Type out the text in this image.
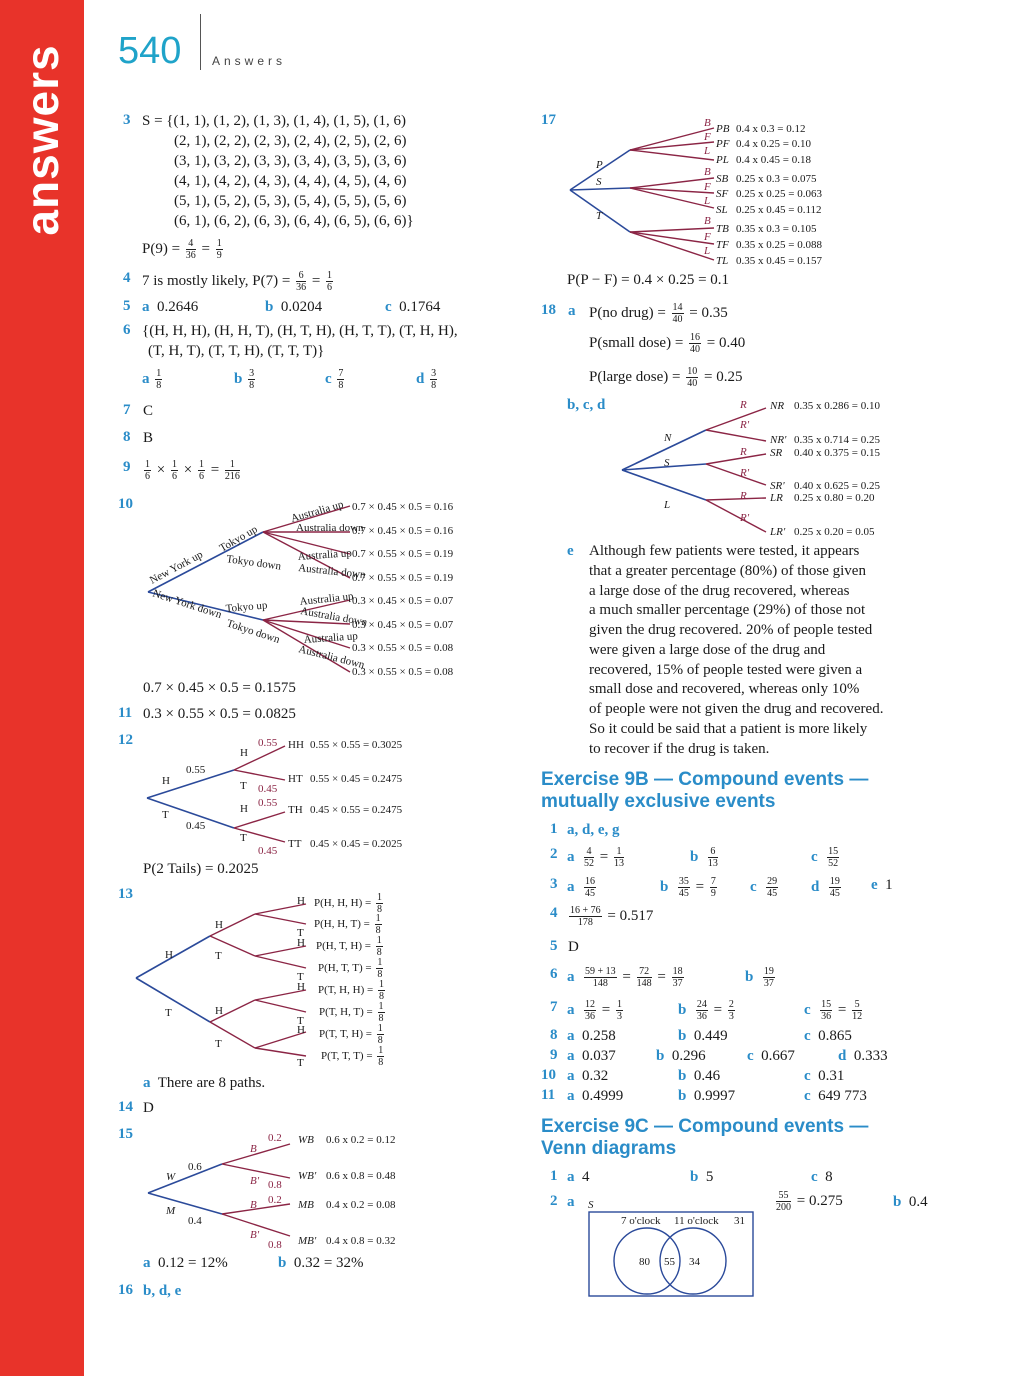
answers 540	Answers
3 S = {(1, 1), (1, 2), (1, 3), (1, 4), (1, 5), (1, 6)
(2, 1), (2, 2), (2, 3), (2, 4), (2, 5), (2, 6)
(3, 1), (3, 2), (3, 3), (3, 4), (3, 5), (3, 6)
(4, 1), (4, 2), (4, 3), (4, 4), (4, 5), (4, 6)
(5, 1), (5, 2), (5, 3), (5, 4), (5, 5), (5, 6)
(6, 1), (6, 2), (6, 3), (6, 4), (6, 5), (6, 6)}
$P(9) = \frac{4}{36} = \frac{1}{9}$
4 7 is mostly likely, $P(7) = \frac{6}{36} = \frac{1}{6}$
5 a 0.2646	b 0.0204	c 0.1764
6 {(H, H, H), (H, H, T), (H, T, H), (H, T, T), (T, H, H),
(T, H, T), (T, T, H), (T, T, T)}
a $\frac{1}{8}$	b $\frac{3}{8}$	c $\frac{7}{8}$	d $\frac{3}{8}$
7 C
8 B
$9 \frac{1}{6} \times \frac{1}{6} \times \frac{1}{6} = \frac{1}{216}$
10
New York up
New York down
Tokyo up
Tokyo down
Tokyo up
Tokyo down
Australia up
Australia down
Australia up
Australia down
Australia up
Australia down
Australia up
Australia down
0.7 × 0.45 × 0.5 = 0.16
0.7 × 0.45 × 0.5 = 0.16
0.7 × 0.55 × 0.5 = 0.19
0.7 × 0.55 × 0.5 = 0.19
0.3 × 0.45 × 0.5 = 0.07
0.3 × 0.45 × 0.5 = 0.07
0.3 × 0.55 × 0.5 = 0.08
0.3 × 0.55 × 0.5 = 0.08
0.7 × 0.45 × 0.5 = 0.1575
11 0.3 × 0.55 × 0.5 = 0.0825
12
H
T
H
T
H
T
0.55
0.45
0.55
0.45
0.55
0.45
HH
HT
TH
TT
0.55 × 0.55 = 0.3025
0.55 × 0.45 = 0.2475
0.45 × 0.55 = 0.2475
0.45 × 0.45 = 0.2025
P(2 Tails) = 0.2025
13
H
T
H
T
H
T
H
T
H
T
H
T
H
T
P(H, H, $H) = \frac{1}{8}$
P(H, H, $T) = \frac{1}{8}$
P(H, T, $H) = \frac{1}{8}$
P(H, T, $T) = \frac{1}{8}$
P(T, H, $H) = \frac{1}{8}$
P(T, H, $T) = \frac{1}{8}$
P(T, T, $H) = \frac{1}{8}$
P(T, T, $T) = \frac{1}{8}$
a There are 8 paths.
14 D
15
W
M
0.6
0.4
B
B'
B
B'
0.2
0.8
0.2
0.8
WB
WB'
MB
MB'
0.6 x 0.2 = 0.12
0.6 x 0.8 = 0.48
0.4 x 0.2 = 0.08
0.4 x 0.8 = 0.32
a 0.12 = 12%	b 0.32 = 32%
16 b, d, e
17
P
S
T
B
F
L
B
F
L
B
F
L
PB
PF
PL
SB
SF
SL
TB
TF
TL
0.4 x 0.3 = 0.12
0.4 x 0.25 = 0.10
0.4 x 0.45 = 0.18
0.25 x 0.3 = 0.075
0.25 x 0.25 = 0.063
0.25 x 0.45 = 0.112
0.35 x 0.3 = 0.105
0.35 x 0.25 = 0.088
0.35 x 0.45 = 0.157
P(P − F) = 0.4 × 0.25 = 0.1
18 a P(no drug) = $\frac{14}{40} = 0.35$
P(small dose) = $\frac{16}{40} = 0.40$
P(large dose) = $\frac{10}{40} = 0.25$
b, c, d
N
S
L
R
R'
R
R'
R
R'
NR
NR'
SR
SR'
LR
LR'
0.35 x 0.286 = 0.10
0.35 x 0.714 = 0.25
0.40 x 0.375 = 0.15
0.40 x 0.625 = 0.25
0.25 x 0.80 = 0.20
0.25 x 0.20 = 0.05
e Although few patients were tested, it appears
that a greater percentage (80%) of those given
a large dose of the drug recovered, whereas
a much smaller percentage (29%) of those not
given the drug recovered. 20% of people tested
were given a large dose of the drug and
recovered, 15% of people tested were given a
small dose and recovered, whereas only 10%
of people were not given the drug and recovered.
So it could be said that a patient is more likely
to recover if the drug is taken.
Exercise 9B — Compound events —
mutually exclusive events
1 a, d, e, g
2 a $\frac{4}{52} = \frac{1}{13}$	b $\frac{6}{13}$	c $\frac{15}{52}$
3 a $\frac{16}{45}$	b $\frac{35}{45} = \frac{7}{9}$ c $\frac{29}{45}$ d $\frac{19}{45}$ e 1
$4 \frac{16 + 76}{178} = 0.517$
5 D
6 a $\frac{59 + 13}{148} = \frac{72}{148} = \frac{18}{37}$	b $\frac{19}{37}$
7 a $\frac{12}{36} = \frac{1}{3}$	b $\frac{24}{36} = \frac{2}{3}$	c $\frac{15}{36} = \frac{5}{12}$
8 a 0.258	b 0.449	c 0.865
9 a 0.037	b 0.296	c 0.667	d 0.333
10 a 0.32	b 0.46	c 0.31
11 a 0.4999	b 0.9997	c 649 773
Exercise 9C — Compound events —
Venn diagrams
1 a 4	b 5	c 8
2 a	$\frac{55}{200} = 0.275$	b 0.4
S
7 o'clock 11 o'clock 31
80 55 34
